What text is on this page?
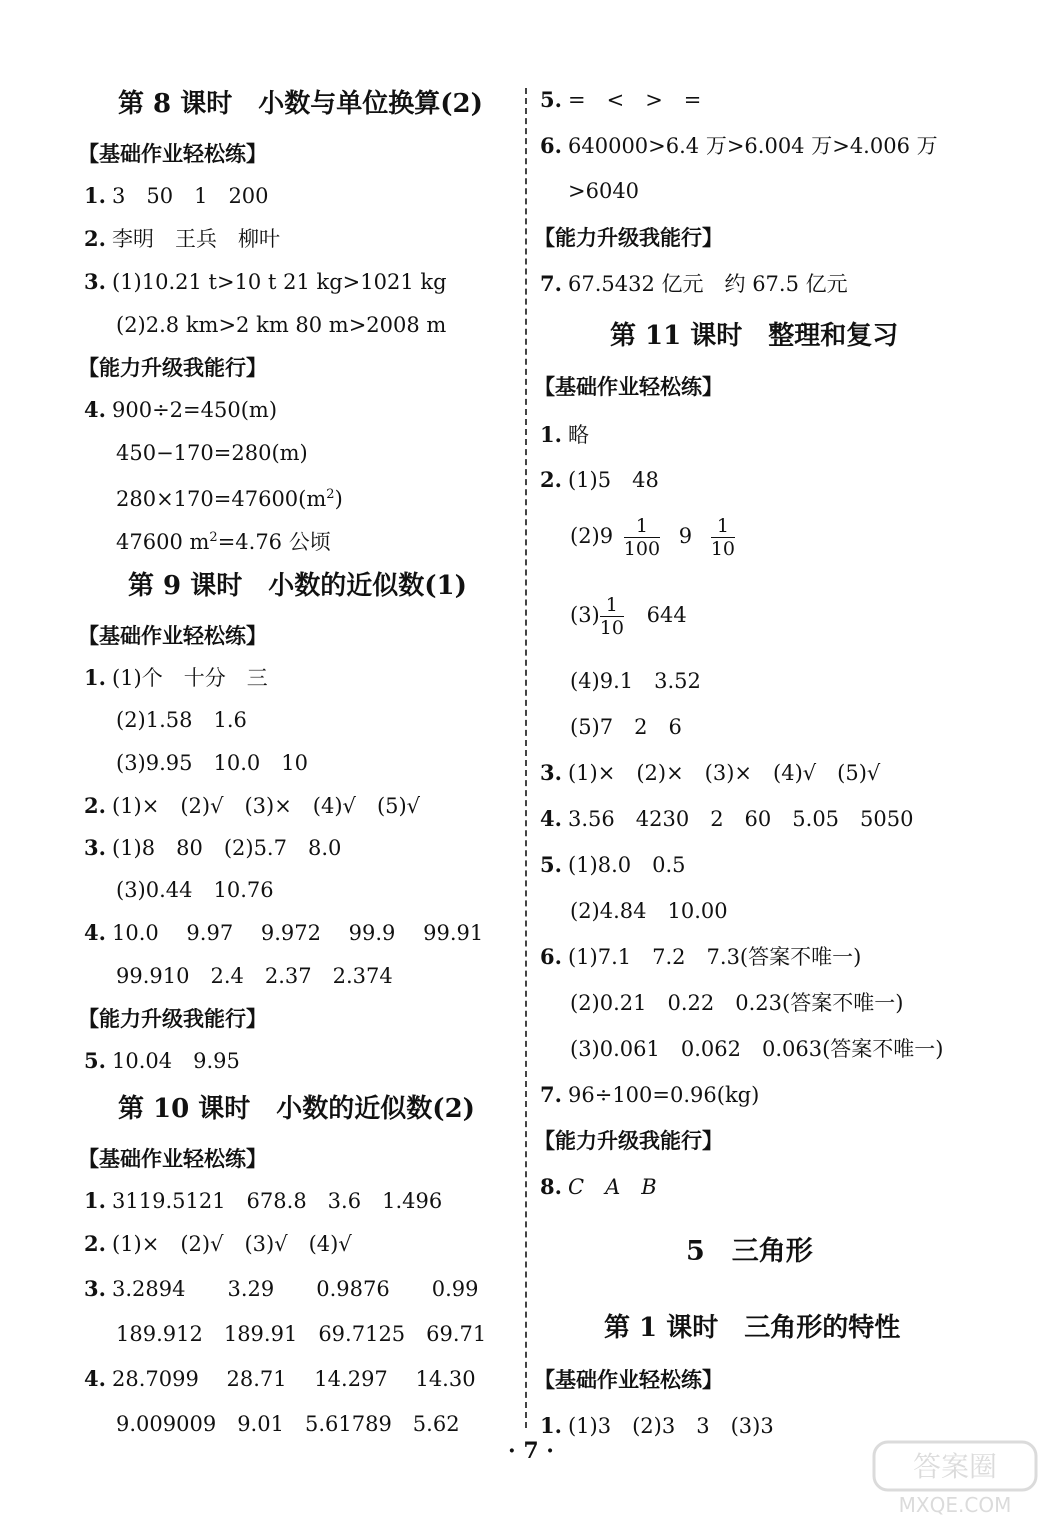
第 8 课时　小数与单位换算(2)
【基础作业轻松练】
1. 3　50　1　200
2. 李明　王兵　柳叶
3. (1)10.21 t>10 t 21 kg>1021 kg
(2)2.8 km>2 km 80 m>2008 m
【能力升级我能行】
4. 900÷2=450(m)
450−170=280(m)
$280\times 170=47600(m^2)$
47600 $m^2=4.76$ 公顷
第 9 课时　小数的近似数(1)
【基础作业轻松练】
1. (1)个　十分　三
(2)1.58　1.6
(3)9.95　10.0　10
2. (1)×　(2)√　(3)×　(4)√　(5)√
3. (1)8　80　(2)5.7　8.0
(3)0.44　10.76
4. 10.0　 9.97　 9.972　 99.9　 99.91
99.910　2.4　2.37　2.374
【能力升级我能行】
5. 10.04　9.95
第 10 课时　小数的近似数(2)
【基础作业轻松练】
1. 3119.5121　678.8　3.6　1.496
2. (1)×　(2)√　(3)√　(4)√
3. 3.2894　　3.29　　0.9876　　0.99
189.912　189.91　69.7125　69.71
4. 28.7099　 28.71　 14.297　 14.30
9.009009　9.01　5.61789　5.62
5. =　<　>　=
6. 640000>6.4 万>6.004 万>4.006 万
>6040
【能力升级我能行】
7. 67.5432 亿元　约 67.5 亿元
第 11 课时　整理和复习
【基础作业轻松练】
1. 略
2. (1)5　48
$(2)9 \frac{1}{100} 9 \frac{1}{10}$
$(3) \frac{1}{10} 644$
(4)9.1　3.52
(5)7　2　6
3. (1)×　(2)×　(3)×　(4)√　(5)√
4. 3.56　4230　2　60　5.05　5050
5. (1)8.0　0.5
(2)4.84　10.00
6. (1)7.1　7.2　7.3(答案不唯一)
(2)0.21　0.22　0.23(答案不唯一)
(3)0.061　0.062　0.063(答案不唯一)
7. 96÷100=0.96(kg)
【能力升级我能行】
8. C　A　B
5　三角形
第 1 课时　三角形的特性
【基础作业轻松练】
1. (1)3　(2)3　3　(3)3
· 7 ·	答案圈
MXQE.COM
